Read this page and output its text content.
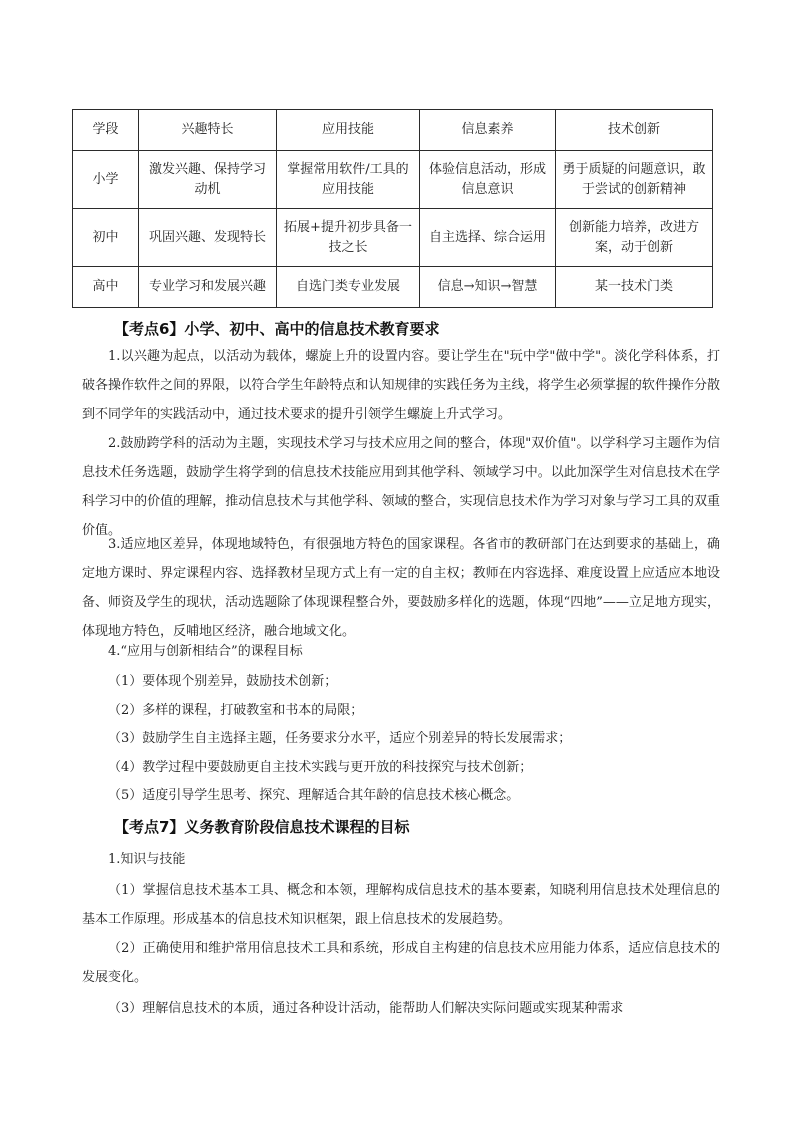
学段	兴趣特长	应用技能	信息素养	技术创新
小学	激发兴趣、保持学习动机	掌握常用软件/工具的应用技能	体验信息活动，形成信息意识	勇于质疑的问题意识，敢于尝试的创新精神
初中	巩固兴趣、发现特长	拓展+提升初步具备一技之长	自主选择、综合运用	创新能力培养，改进方案，动于创新
高中	专业学习和发展兴趣	自选门类专业发展	信息→知识→智慧	某一技术门类
【考点6】小学、初中、高中的信息技术教育要求

1.以兴趣为起点，以活动为载体，螺旋上升的设置内容。要让学生在"玩中学"做中学"。淡化学科体系，打破各操作软件之间的界限，以符合学生年龄特点和认知规律的实践任务为主线，将学生必须掌握的软件操作分散到不同学年的实践活动中，通过技术要求的提升引领学生螺旋上升式学习。

2.鼓励跨学科的活动为主题，实现技术学习与技术应用之间的整合，体现"双价值"。以学科学习主题作为信息技术任务选题，鼓励学生将学到的信息技术技能应用到其他学科、领域学习中。以此加深学生对信息技术在学科学习中的价值的理解，推动信息技术与其他学科、领域的整合，实现信息技术作为学习对象与学习工具的双重价值。

3.适应地区差异，体现地域特色，有很强地方特色的国家课程。各省市的教研部门在达到要求的基础上，确定地方课时、界定课程内容、选择教材呈现方式上有一定的自主权；教师在内容选择、难度设置上应适应本地设备、师资及学生的现状，活动选题除了体现课程整合外，要鼓励多样化的选题，体现“四地”——立足地方现实，体现地方特色，反哺地区经济，融合地域文化。

4.“应用与创新相结合”的课程目标

（1）要体现个别差异，鼓励技术创新；

（2）多样的课程，打破教室和书本的局限；

（3）鼓励学生自主选择主题，任务要求分水平，适应个别差异的特长发展需求；

（4）教学过程中要鼓励更自主技术实践与更开放的科技探究与技术创新；

（5）适度引导学生思考、探究、理解适合其年龄的信息技术核心概念。

【考点7】义务教育阶段信息技术课程的目标

1.知识与技能

（1）掌握信息技术基本工具、概念和本领，理解构成信息技术的基本要素，知晓利用信息技术处理信息的基本工作原理。形成基本的信息技术知识框架，跟上信息技术的发展趋势。

（2）正确使用和维护常用信息技术工具和系统，形成自主构建的信息技术应用能力体系，适应信息技术的发展变化。

（3）理解信息技术的本质，通过各种设计活动，能帮助人们解决实际问题或实现某种需求
